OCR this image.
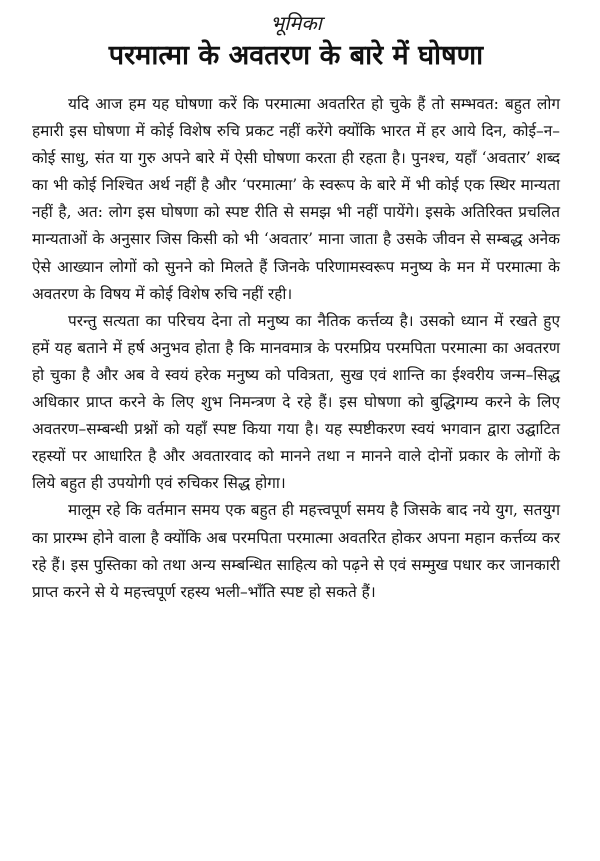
भूमिका
परमात्मा के अवतरण के बारे में घोषणा

यदि आज हम यह घोषणा करें कि परमात्मा अवतरित हो चुके हैं तो सम्भवत: बहुत लोग हमारी इस घोषणा में कोई विशेष रुचि प्रकट नहीं करेंगे क्योंकि भारत में हर आये दिन, कोई–न–कोई साधु, संत या गुरु अपने बारे में ऐसी घोषणा करता ही रहता है। पुनश्च, यहाँ ‘अवतार’ शब्द का भी कोई निश्चित अर्थ नहीं है और ‘परमात्मा’ के स्वरूप के बारे में भी कोई एक स्थिर मान्यता नहीं है, अत: लोग इस घोषणा को स्पष्ट रीति से समझ भी नहीं पायेंगे। इसके अतिरिक्त प्रचलित मान्यताओं के अनुसार जिस किसी को भी ‘अवतार’ माना जाता है उसके जीवन से सम्बद्ध अनेक ऐसे आख्यान लोगों को सुनने को मिलते हैं जिनके परिणामस्वरूप मनुष्य के मन में परमात्मा के अवतरण के विषय में कोई विशेष रुचि नहीं रही।

परन्तु सत्यता का परिचय देना तो मनुष्य का नैतिक कर्त्तव्य है। उसको ध्यान में रखते हुए हमें यह बताने में हर्ष अनुभव होता है कि मानवमात्र के परमप्रिय परमपिता परमात्मा का अवतरण हो चुका है और अब वे स्वयं हरेक मनुष्य को पवित्रता, सुख एवं शान्ति का ईश्वरीय जन्म–सिद्ध अधिकार प्राप्त करने के लिए शुभ निमन्त्रण दे रहे हैं। इस घोषणा को बुद्धिगम्य करने के लिए अवतरण–सम्बन्धी प्रश्नों को यहाँ स्पष्ट किया गया है। यह स्पष्टीकरण स्वयं भगवान द्वारा उद्घाटित रहस्यों पर आधारित है और अवतारवाद को मानने तथा न मानने वाले दोनों प्रकार के लोगों के लिये बहुत ही उपयोगी एवं रुचिकर सिद्ध होगा।

मालूम रहे कि वर्तमान समय एक बहुत ही महत्त्वपूर्ण समय है जिसके बाद नये युग, सतयुग का प्रारम्भ होने वाला है क्योंकि अब परमपिता परमात्मा अवतरित होकर अपना महान कर्त्तव्य कर रहे हैं। इस पुस्तिका को तथा अन्य सम्बन्धित साहित्य को पढ़ने से एवं सम्मुख पधार कर जानकारी प्राप्त करने से ये महत्त्वपूर्ण रहस्य भली–भाँति स्पष्ट हो सकते हैं।
